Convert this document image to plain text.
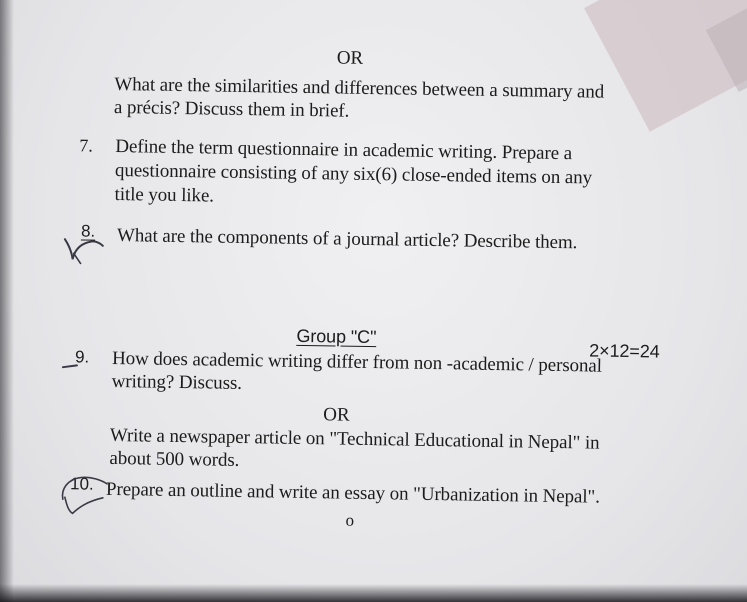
OR
What are the similarities and differences between a summary and
a précis? Discuss them in brief.
7. Define the term questionnaire in academic writing. Prepare a
questionnaire consisting of any six(6) close-ended items on any
title you like.
8. What are the components of a journal article? Describe them.
Group "C"
2×12=24
9. How does academic writing differ from non -academic / personal
writing? Discuss.
OR
Write a newspaper article on "Technical Educational in Nepal" in
about 500 words.
10. Prepare an outline and write an essay on "Urbanization in Nepal".
o
